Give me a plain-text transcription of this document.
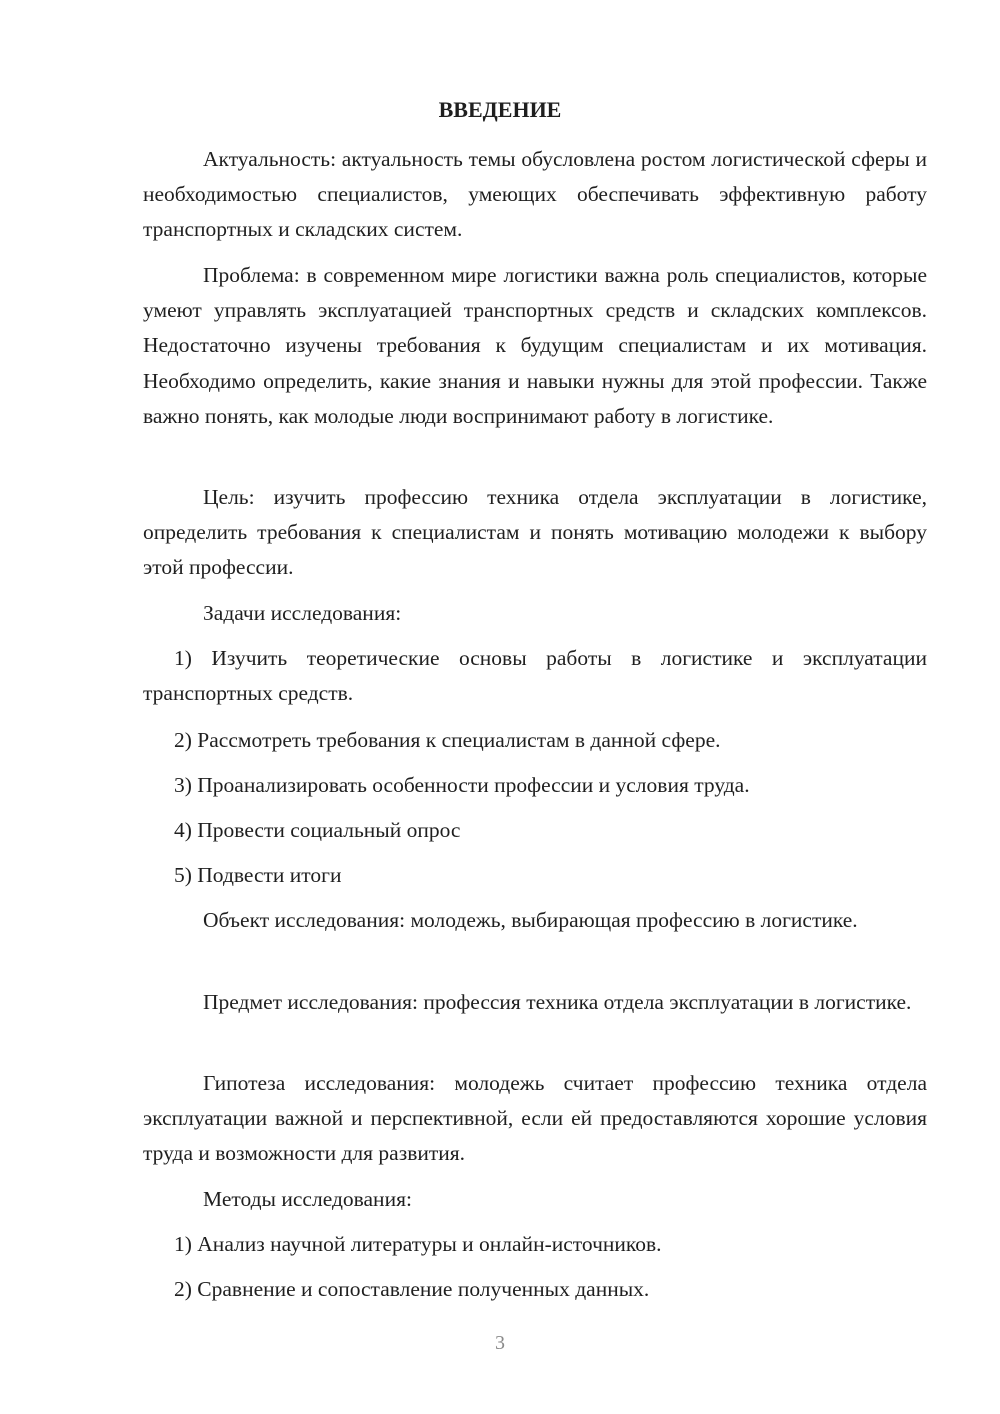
ВВЕДЕНИЕ

Актуальность: актуальность темы обусловлена ростом логистической сферы и необходимостью специалистов, умеющих обеспечивать эффективную работу транспортных и складских систем.

Проблема: в современном мире логистики важна роль специалистов, которые умеют управлять эксплуатацией транспортных средств и складских комплексов. Недостаточно изучены требования к будущим специалистам и их мотивация. Необходимо определить, какие знания и навыки нужны для этой профессии. Также важно понять, как молодые люди воспринимают работу в логистике.

Цель: изучить профессию техника отдела эксплуатации в логистике, определить требования к специалистам и понять мотивацию молодежи к выбору этой профессии.

Задачи исследования:

1) Изучить теоретические основы работы в логистике и эксплуатации транспортных средств.

2) Рассмотреть требования к специалистам в данной сфере.

3) Проанализировать особенности профессии и условия труда.

4) Провести социальный опрос

5) Подвести итоги

Объект исследования: молодежь, выбирающая профессию в логистике.

Предмет исследования: профессия техника отдела эксплуатации в логистике.

Гипотеза исследования: молодежь считает профессию техника отдела эксплуатации важной и перспективной, если ей предоставляются хорошие условия труда и возможности для развития.

Методы исследования:

1) Анализ научной литературы и онлайн-источников.

2) Сравнение и сопоставление полученных данных.

3
